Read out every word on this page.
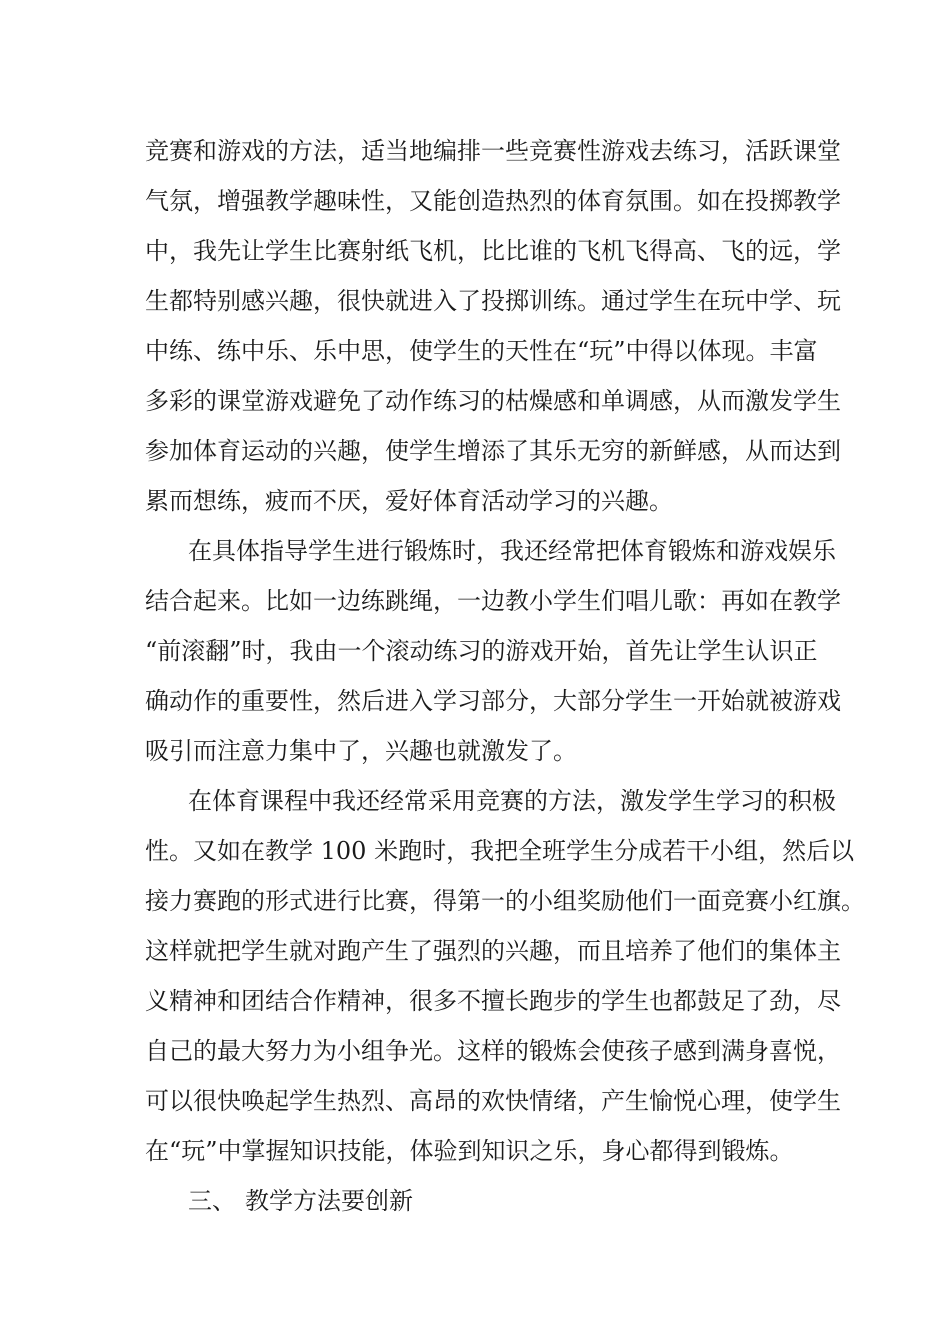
竞赛和游戏的方法，适当地编排一些竞赛性游戏去练习，活跃课堂
气氛，增强教学趣味性，又能创造热烈的体育氛围。如在投掷教学
中，我先让学生比赛射纸飞机，比比谁的飞机飞得高、飞的远，学
生都特别感兴趣，很快就进入了投掷训练。通过学生在玩中学、玩
中练、练中乐、乐中思，使学生的天性在“玩”中得以体现。丰富
多彩的课堂游戏避免了动作练习的枯燥感和单调感，从而激发学生
参加体育运动的兴趣，使学生增添了其乐无穷的新鲜感，从而达到
累而想练，疲而不厌，爱好体育活动学习的兴趣。
在具体指导学生进行锻炼时，我还经常把体育锻炼和游戏娱乐
结合起来。比如一边练跳绳，一边教小学生们唱儿歌：再如在教学
“前滚翻”时，我由一个滚动练习的游戏开始，首先让学生认识正
确动作的重要性，然后进入学习部分，大部分学生一开始就被游戏
吸引而注意力集中了，兴趣也就激发了。
在体育课程中我还经常采用竞赛的方法，激发学生学习的积极
性。又如在教学 100 米跑时，我把全班学生分成若干小组，然后以
接力赛跑的形式进行比赛，得第一的小组奖励他们一面竞赛小红旗。
这样就把学生就对跑产生了强烈的兴趣，而且培养了他们的集体主
义精神和团结合作精神，很多不擅长跑步的学生也都鼓足了劲，尽
自己的最大努力为小组争光。这样的锻炼会使孩子感到满身喜悦，
可以很快唤起学生热烈、高昂的欢快情绪，产生愉悦心理，使学生
在“玩”中掌握知识技能，体验到知识之乐，身心都得到锻炼。
三、 教学方法要创新
